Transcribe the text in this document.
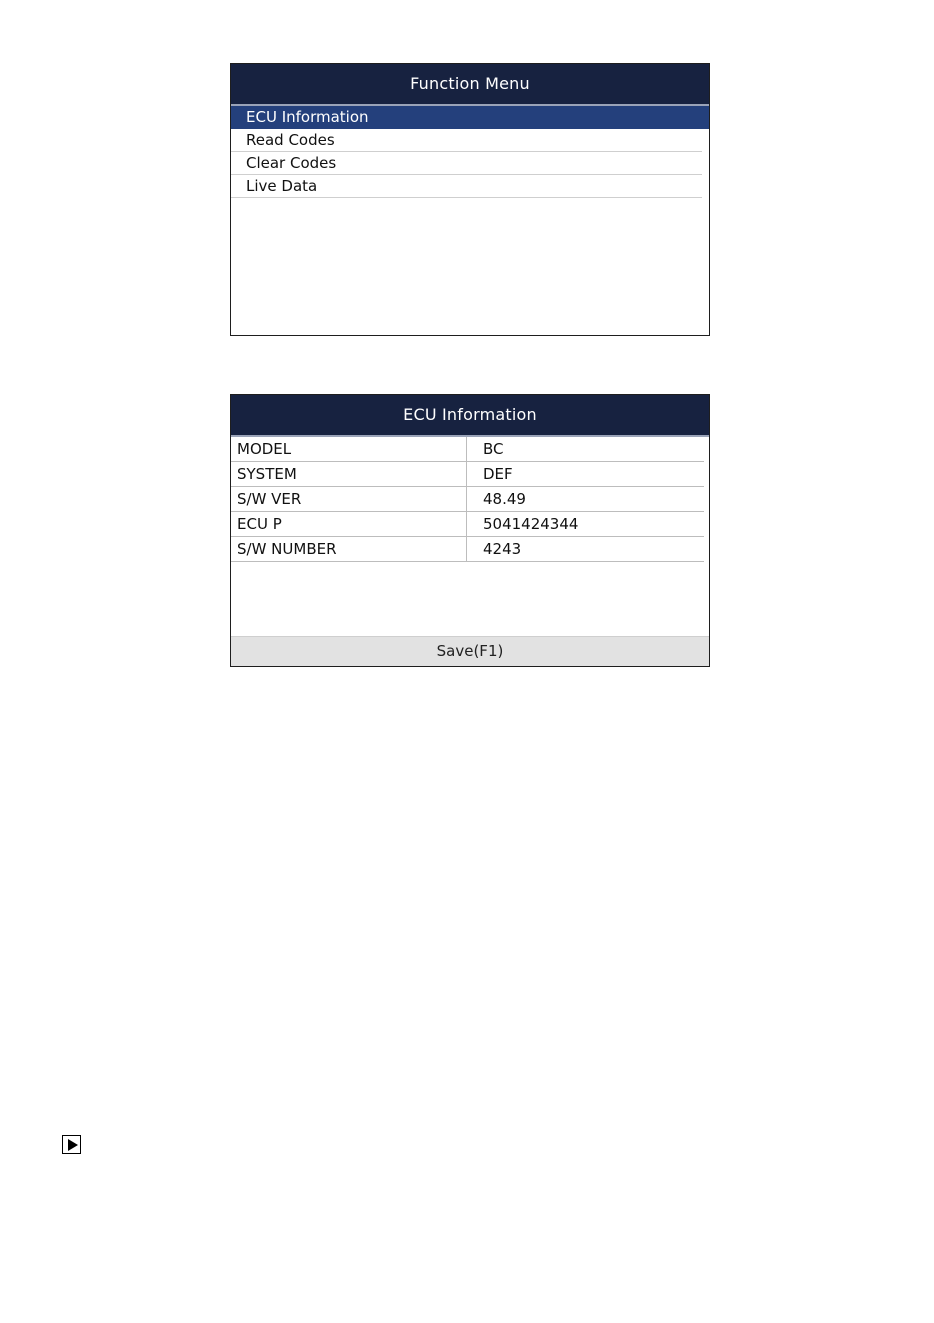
Function Menu
ECU Information
Read Codes
Clear Codes
Live Data
ECU Information
MODEL	BC
SYSTEM	DEF
S/W VER	48.49
ECU P	5041424344
S/W NUMBER	4243
Save(F1)
